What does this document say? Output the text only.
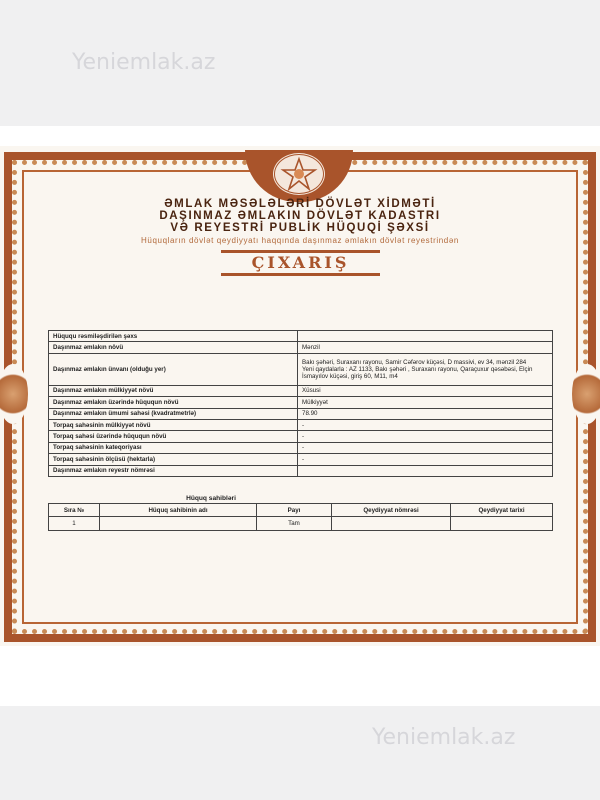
Yeniemlak.az
ƏMLAK MƏSƏLƏLƏRİ DÖVLƏT XİDMƏTİ
DAŞINMAZ ƏMLAKIN DÖVLƏT KADASTRI
VƏ REYESTRİ PUBLİK HÜQUQİ ŞƏXSİ
Hüquqların dövlət qeydiyyatı haqqında daşınmaz əmlakın dövlət reyestrindən
ÇIXARIŞ
Hüququ rəsmiləşdirilən şəxs	
Daşınmaz əmlakın növü	Mənzil
Daşınmaz əmlakın ünvanı (olduğu yer)	Bakı şəhəri, Suraxanı rayonu, Samir Cəfərov küçəsi, D massivi, ev 34, mənzil 284
Yeni qaydalarla : AZ 1133, Bakı şəhəri , Suraxanı rayonu, Qaraçuxur qəsəbəsi, Elçin İsmayılov küçəsi, giriş 60, M11, m4
Daşınmaz əmlakın mülkiyyət növü	Xüsusi
Daşınmaz əmlakın üzərində hüququn növü	Mülkiyyət
Daşınmaz əmlakın ümumi sahəsi (kvadratmetrlə)	78.90
Torpaq sahəsinin mülkiyyət növü	-
Torpaq sahəsi üzərində hüququn növü	-
Torpaq sahəsinin kateqoriyası	-
Torpaq sahəsinin ölçüsü (hektarla)	-
Daşınmaz əmlakın reyestr nömrəsi	
Hüquq sahibləri
Sıra №	Hüquq sahibinin adı	Payı	Qeydiyyat nömrəsi	Qeydiyyat tarixi
1		Tam		
Yeniemlak.az
